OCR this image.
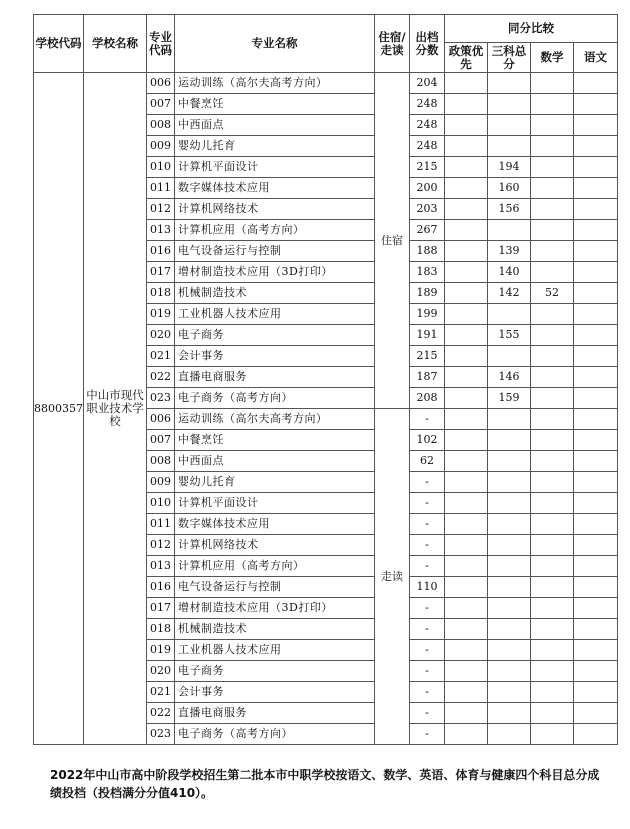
学校代码	学校名称	专业代码	专业名称	住宿/走读	出档分数	同分比较			
						政策优先	三科总分	数学	语文
8800357	中山市现代职业技术学校	006	运动训练（高尔夫高考方向）	住宿	204				
		007	中餐烹饪		248				
		008	中西面点		248				
		009	婴幼儿托育		248				
		010	计算机平面设计		215		194		
		011	数字媒体技术应用		200		160		
		012	计算机网络技术		203		156		
		013	计算机应用（高考方向）		267				
		016	电气设备运行与控制		188		139		
		017	增材制造技术应用（3D打印）		183		140		
		018	机械制造技术		189		142	52	
		019	工业机器人技术应用		199				
		020	电子商务		191		155		
		021	会计事务		215				
		022	直播电商服务		187		146		
		023	电子商务（高考方向）		208		159		
		006	运动训练（高尔夫高考方向）	走读	-				
		007	中餐烹饪		102				
		008	中西面点		62				
		009	婴幼儿托育		-				
		010	计算机平面设计		-				
		011	数字媒体技术应用		-				
		012	计算机网络技术		-				
		013	计算机应用（高考方向）		-				
		016	电气设备运行与控制		110				
		017	增材制造技术应用（3D打印）		-				
		018	机械制造技术		-				
		019	工业机器人技术应用		-				
		020	电子商务		-				
		021	会计事务		-				
		022	直播电商服务		-				
		023	电子商务（高考方向）		-				
2022年中山市高中阶段学校招生第二批本市中职学校按语文、数学、英语、体育与健康四个科目总分成绩投档（投档满分分值410）。
